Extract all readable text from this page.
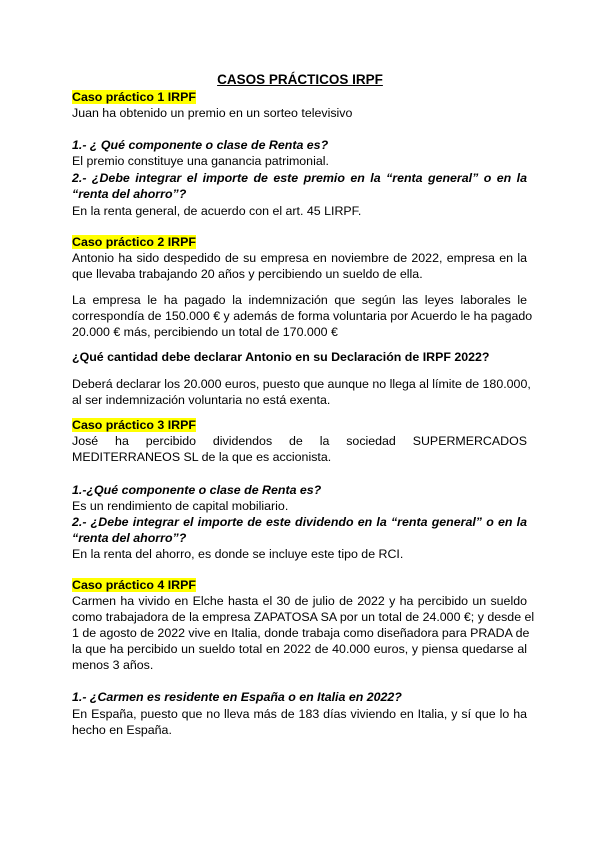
CASOS PRÁCTICOS IRPF
Caso práctico 1 IRPF
Juan ha obtenido un premio en un sorteo televisivo
1.- ¿ Qué componente o clase de Renta es?
El premio constituye una ganancia patrimonial.
2.- ¿Debe integrar el importe de este premio en la “renta general” o en la
“renta del ahorro”?
En la renta general, de acuerdo con el art. 45 LIRPF.
Caso práctico 2 IRPF
Antonio ha sido despedido de su empresa en noviembre de 2022, empresa en la
que llevaba trabajando 20 años y percibiendo un sueldo de ella.
La empresa le ha pagado la indemnización que según las leyes laborales le
correspondía de 150.000 € y además de forma voluntaria por Acuerdo le ha pagado
20.000 € más, percibiendo un total de 170.000 €
¿Qué cantidad debe declarar Antonio en su Declaración de IRPF 2022?
Deberá declarar los 20.000 euros, puesto que aunque no llega al límite de 180.000,
al ser indemnización voluntaria no está exenta.
Caso práctico 3 IRPF
José ha percibido dividendos de la sociedad SUPERMERCADOS
MEDITERRANEOS SL de la que es accionista.
1.-¿Qué componente o clase de Renta es?
Es un rendimiento de capital mobiliario.
2.- ¿Debe integrar el importe de este dividendo en la “renta general” o en la
“renta del ahorro”?
En la renta del ahorro, es donde se incluye este tipo de RCI.
Caso práctico 4 IRPF
Carmen ha vivido en Elche hasta el 30 de julio de 2022 y ha percibido un sueldo
como trabajadora de la empresa ZAPATOSA SA por un total de 24.000 €; y desde el
1 de agosto de 2022 vive en Italia, donde trabaja como diseñadora para PRADA de
la que ha percibido un sueldo total en 2022 de 40.000 euros, y piensa quedarse al
menos 3 años.
1.- ¿Carmen es residente en España o en Italia en 2022?
En España, puesto que no lleva más de 183 días viviendo en Italia, y sí que lo ha
hecho en España.
